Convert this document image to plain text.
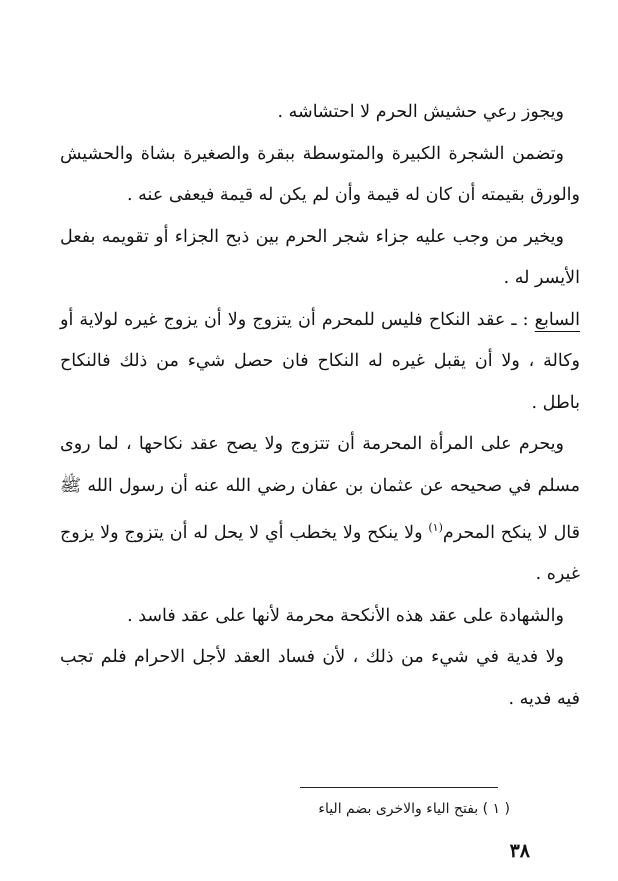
ويجوز رعي حشيش الحرم لا احتشاشه .

وتضمن الشجرة الكبيرة والمتوسطة ببقرة والصغيرة بشاة والحشيش والورق بقيمته أن كان له قيمة وأن لم يكن له قيمة فيعفى عنه .

ويخير من وجب عليه جزاء شجر الحرم بين ذبح الجزاء أو تقويمه بفعل الأيسر له .

السابع : ـ عقد النكاح فليس للمحرم أن يتزوج ولا أن يزوج غيره لولاية أو وكالة ، ولا أن يقبل غيره له النكاح فان حصل شيء من ذلك فالنكاح باطل .

ويحرم على المرأة المحرمة أن تتزوج ولا يصح عقد نكاحها ، لما روى مسلم في صحيحه عن عثمان بن عفان رضي الله عنه أن رسول الله ﷺ قال لا ينكح المحرم$^{(١)}$ ولا ينكح ولا يخطب أي لا يحل له أن يتزوج ولا يزوج غيره .

والشهادة على عقد هذه الأنكحة محرمة لأنها على عقد فاسد .

ولا فدية في شيء من ذلك ، لأن فساد العقد لأجل الاحرام فلم تجب فيه فديه .

( ١ ) بفتح الياء والاخرى بضم الياء
٣٨
